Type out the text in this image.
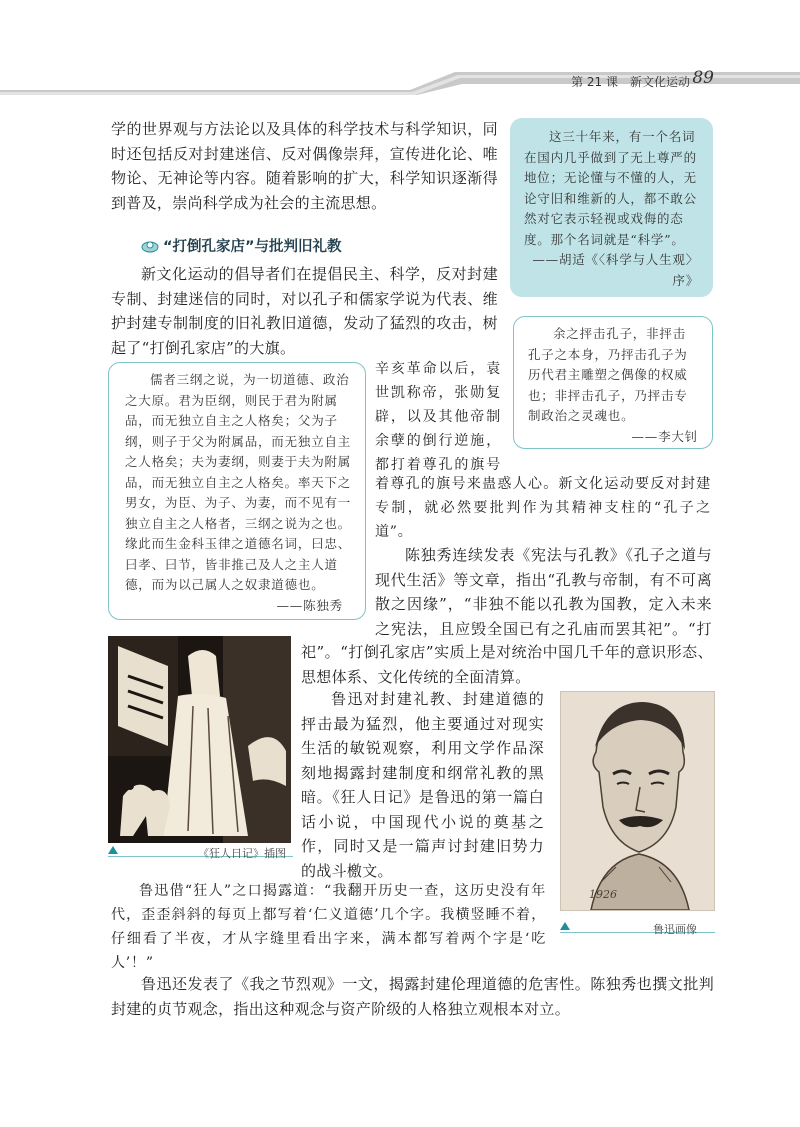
第 21 课　新文化运动 89

学的世界观与方法论以及具体的科学技术与科学知识，同时还包括反对封建迷信、反对偶像崇拜，宣传进化论、唯物论、无神论等内容。随着影响的扩大，科学知识逐渐得到普及，崇尚科学成为社会的主流思想。

这三十年来，有一个名词在国内几乎做到了无上尊严的地位；无论懂与不懂的人，无论守旧和维新的人，都不敢公然对它表示轻视或戏侮的态度。那个名词就是“科学”。

——胡适《〈科学与人生观〉序》

“打倒孔家店”与批判旧礼教

新文化运动的倡导者们在提倡民主、科学，反对封建专制、封建迷信的同时，对以孔子和儒家学说为代表、维护封建专制制度的旧礼教旧道德，发动了猛烈的攻击，树起了“打倒孔家店”的大旗。

余之抨击孔子，非抨击孔子之本身，乃抨击孔子为历代君主雕塑之偶像的权威也；非抨击孔子，乃抨击专制政治之灵魂也。

——李大钊

儒者三纲之说，为一切道德、政治之大原。君为臣纲，则民于君为附属品，而无独立自主之人格矣；父为子纲，则子于父为附属品，而无独立自主之人格矣；夫为妻纲，则妻于夫为附属品，而无独立自主之人格矣。率天下之男女，为臣、为子、为妻，而不见有一独立自主之人格者，三纲之说为之也。缘此而生金科玉律之道德名词，曰忠、曰孝、曰节，皆非推己及人之主人道德，而为以己属人之奴隶道德也。

——陈独秀

辛亥革命以后，袁世凯称帝，张勋复辟，以及其他帝制余孽的倒行逆施，都打着尊孔的旗号
着尊孔的旗号来蛊惑人心。新文化运动要反对封建专制，就必然要批判作为其精神支柱的“孔子之道”。

陈独秀连续发表《宪法与孔教》《孔子之道与现代生活》等文章，指出“孔教与帝制，有不可离散之因缘”，“非独不能以孔教为国教，定入未来之宪法，且应毁全国已有之孔庙而罢其祀”。“打

祀”。“打倒孔家店”实质上是对统治中国几千年的意识形态、思想体系、文化传统的全面清算。

《狂人日记》插图

鲁迅对封建礼教、封建道德的抨击最为猛烈，他主要通过对现实生活的敏锐观察，利用文学作品深刻地揭露封建制度和纲常礼教的黑暗。《狂人日记》是鲁迅的第一篇白话小说，中国现代小说的奠基之作，同时又是一篇声讨封建旧势力的战斗檄文。

1926
鲁迅画像

鲁迅借“狂人”之口揭露道：“我翻开历史一查，这历史没有年代，歪歪斜斜的每页上都写着‘仁义道德’几个字。我横竖睡不着，仔细看了半夜，才从字缝里看出字来，满本都写着两个字是‘吃人’！”

鲁迅还发表了《我之节烈观》一文，揭露封建伦理道德的危害性。陈独秀也撰文批判封建的贞节观念，指出这种观念与资产阶级的人格独立观根本对立。
